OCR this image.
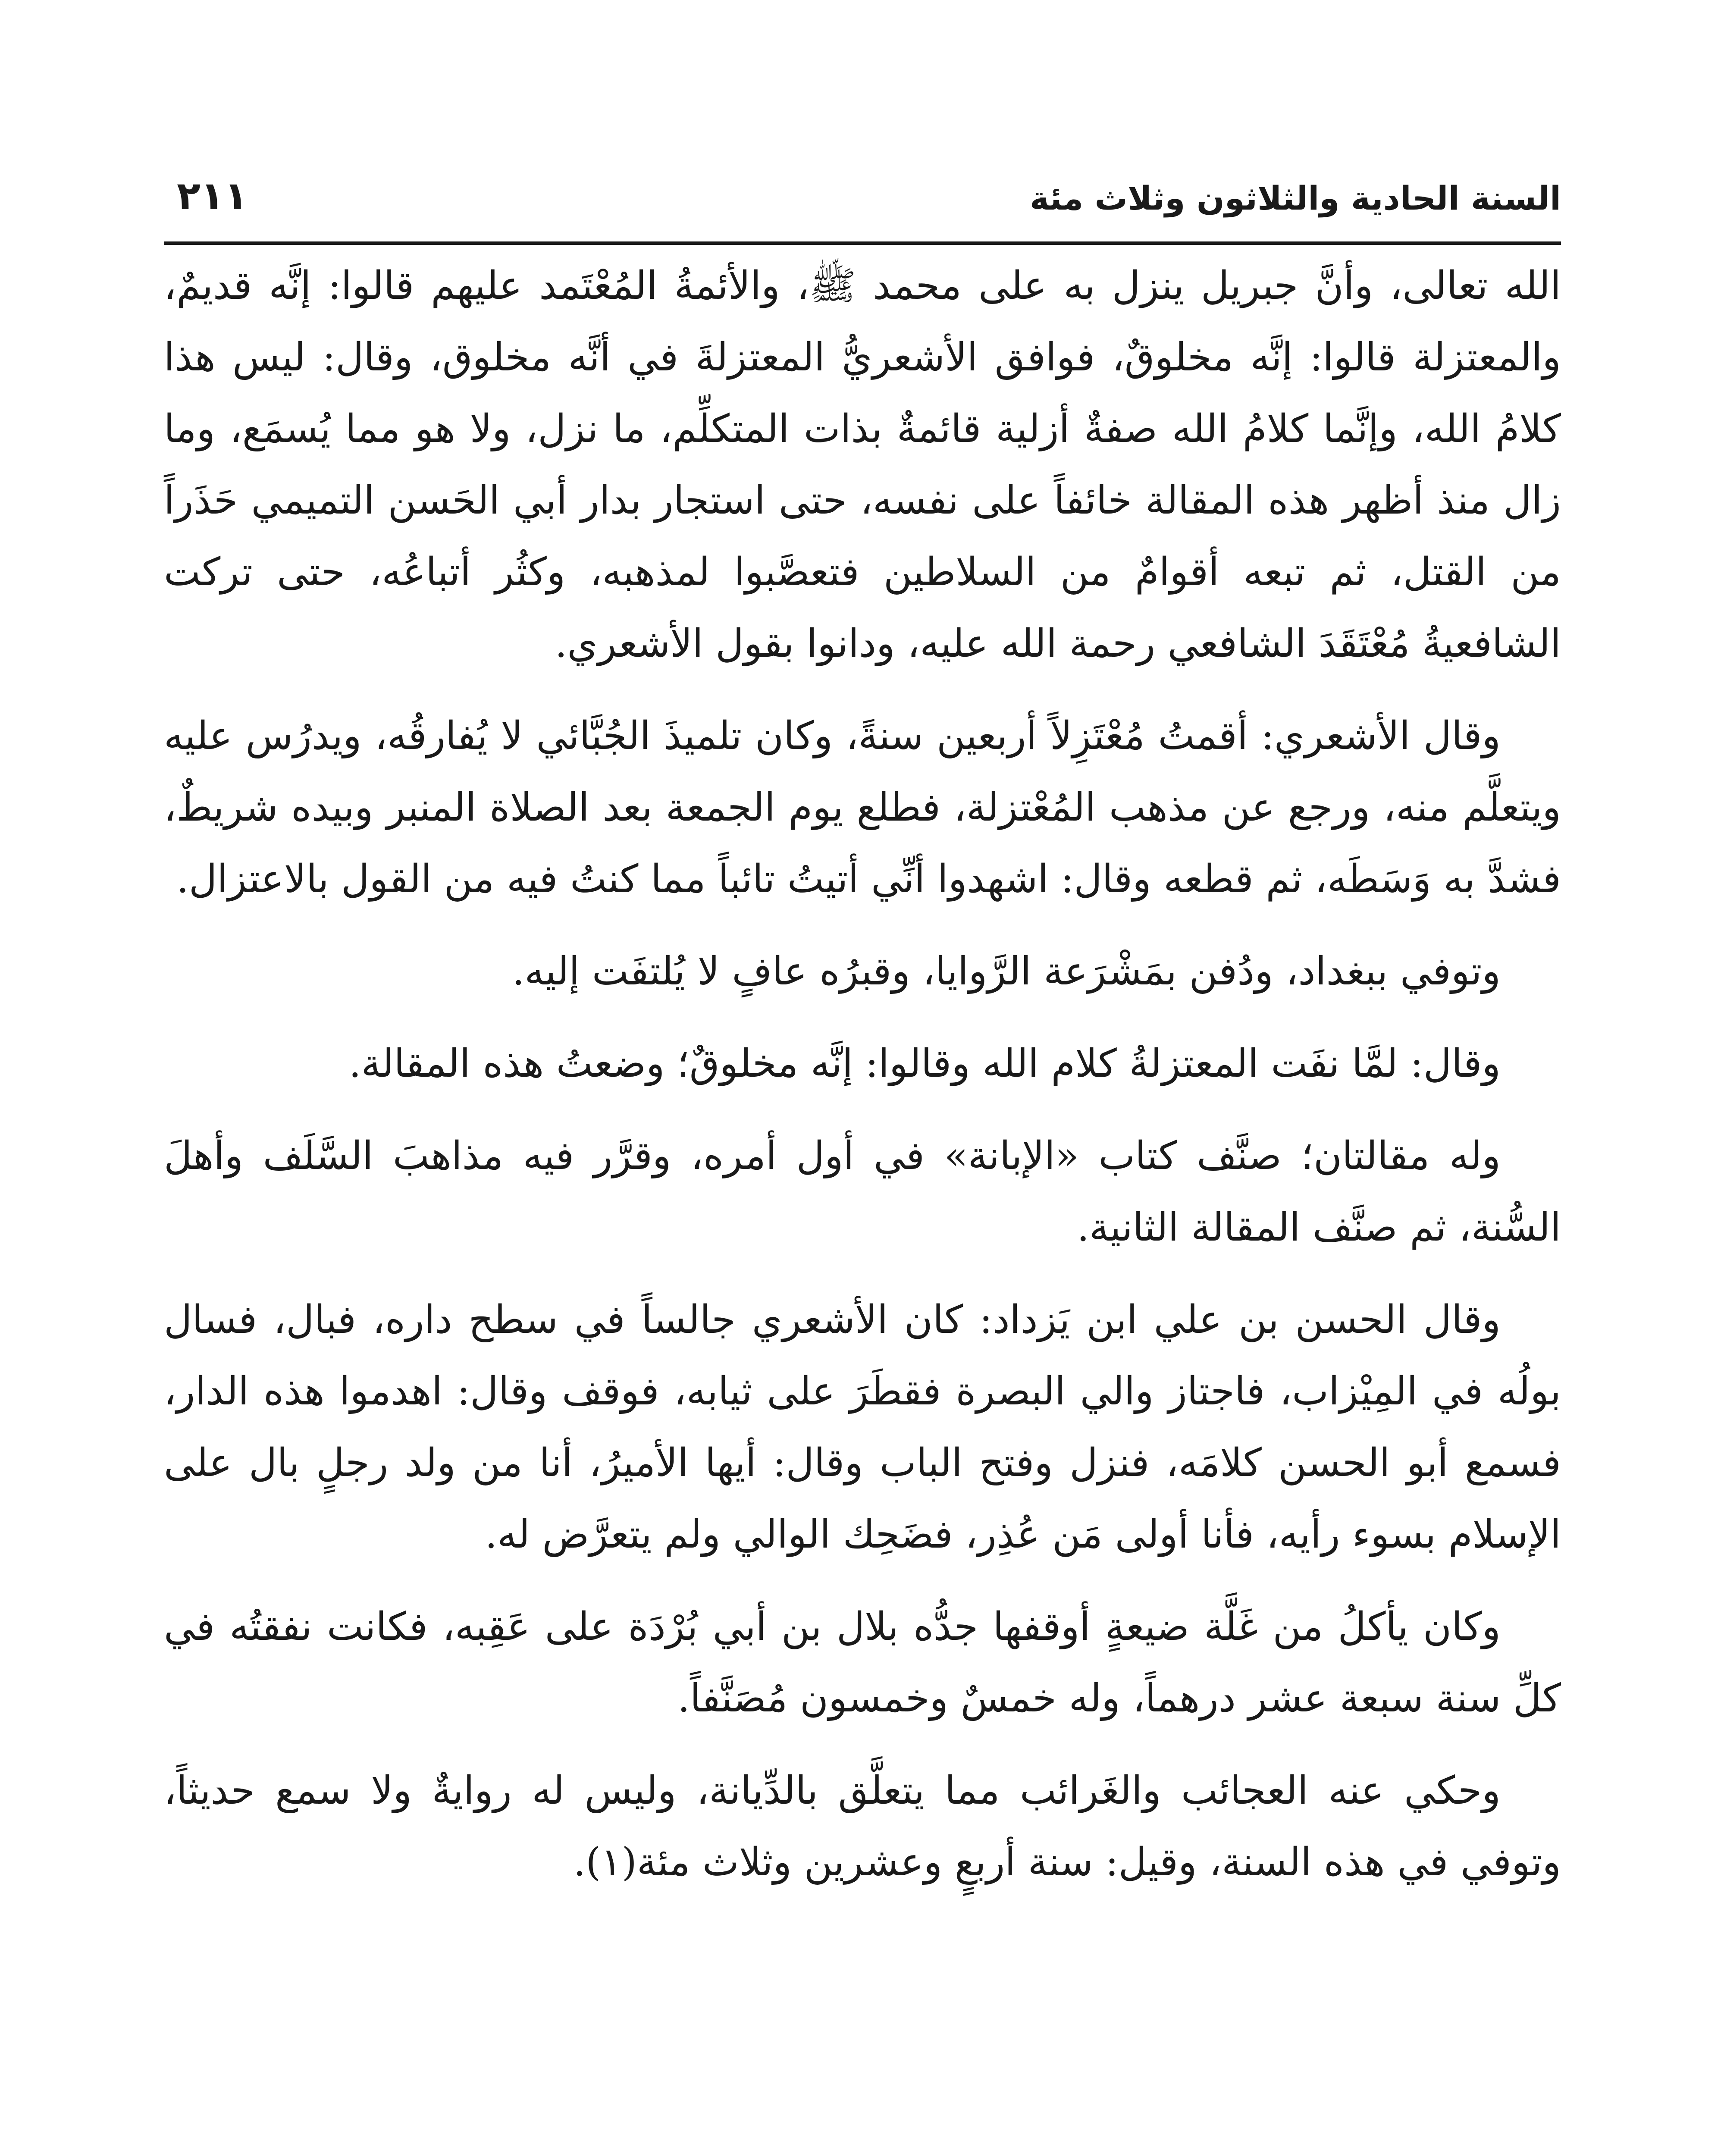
السنة الحادية والثلاثون وثلاث مئة
٢١١

الله تعالى، وأنَّ جبريل ينزل به على محمد ﷺ، والأئمةُ المُعْتَمد عليهم قالوا: إنَّه قديمٌ، والمعتزلة قالوا: إنَّه مخلوقٌ، فوافق الأشعريُّ المعتزلةَ في أنَّه مخلوق، وقال: ليس هذا كلامُ الله، وإنَّما كلامُ الله صفةٌ أزلية قائمةٌ بذات المتكلِّم، ما نزل، ولا هو مما يُسمَع، وما زال منذ أظهر هذه المقالة خائفاً على نفسه، حتى استجار بدار أبي الحَسن التميمي حَذَراً من القتل، ثم تبعه أقوامٌ من السلاطين فتعصَّبوا لمذهبه، وكثُر أتباعُه، حتى تركت الشافعيةُ مُعْتَقَدَ الشافعي رحمة الله عليه، ودانوا بقول الأشعري.

وقال الأشعري: أقمتُ مُعْتَزِلاً أربعين سنةً، وكان تلميذَ الجُبَّائي لا يُفارقُه، ويدرُس عليه ويتعلَّم منه، ورجع عن مذهب المُعْتزلة، فطلع يوم الجمعة بعد الصلاة المنبر وبيده شريطٌ، فشدَّ به وَسَطَه، ثم قطعه وقال: اشهدوا أنِّي أتيتُ تائباً مما كنتُ فيه من القول بالاعتزال.

وتوفي ببغداد، ودُفن بمَشْرَعة الرَّوايا، وقبرُه عافٍ لا يُلتفَت إليه.

وقال: لمَّا نفَت المعتزلةُ كلام الله وقالوا: إنَّه مخلوقٌ؛ وضعتُ هذه المقالة.

وله مقالتان؛ صنَّف كتاب «الإبانة» في أول أمره، وقرَّر فيه مذاهبَ السَّلَف وأهلَ السُّنة، ثم صنَّف المقالة الثانية.

وقال الحسن بن علي ابن يَزداد: كان الأشعري جالساً في سطح داره، فبال، فسال بولُه في المِيْزاب، فاجتاز والي البصرة فقطَرَ على ثيابه، فوقف وقال: اهدموا هذه الدار، فسمع أبو الحسن كلامَه، فنزل وفتح الباب وقال: أيها الأميرُ، أنا من ولد رجلٍ بال على الإسلام بسوء رأيه، فأنا أولى مَن عُذِر، فضَحِك الوالي ولم يتعرَّض له.

وكان يأكلُ من غَلَّة ضيعةٍ أوقفها جدُّه بلال بن أبي بُرْدَة على عَقِبه، فكانت نفقتُه في كلِّ سنة سبعة عشر درهماً، وله خمسٌ وخمسون مُصَنَّفاً.

وحكي عنه العجائب والغَرائب مما يتعلَّق بالدِّيانة، وليس له روايةٌ ولا سمع حديثاً، وتوفي في هذه السنة، وقيل: سنة أربعٍ وعشرين وثلاث مئة(١).
